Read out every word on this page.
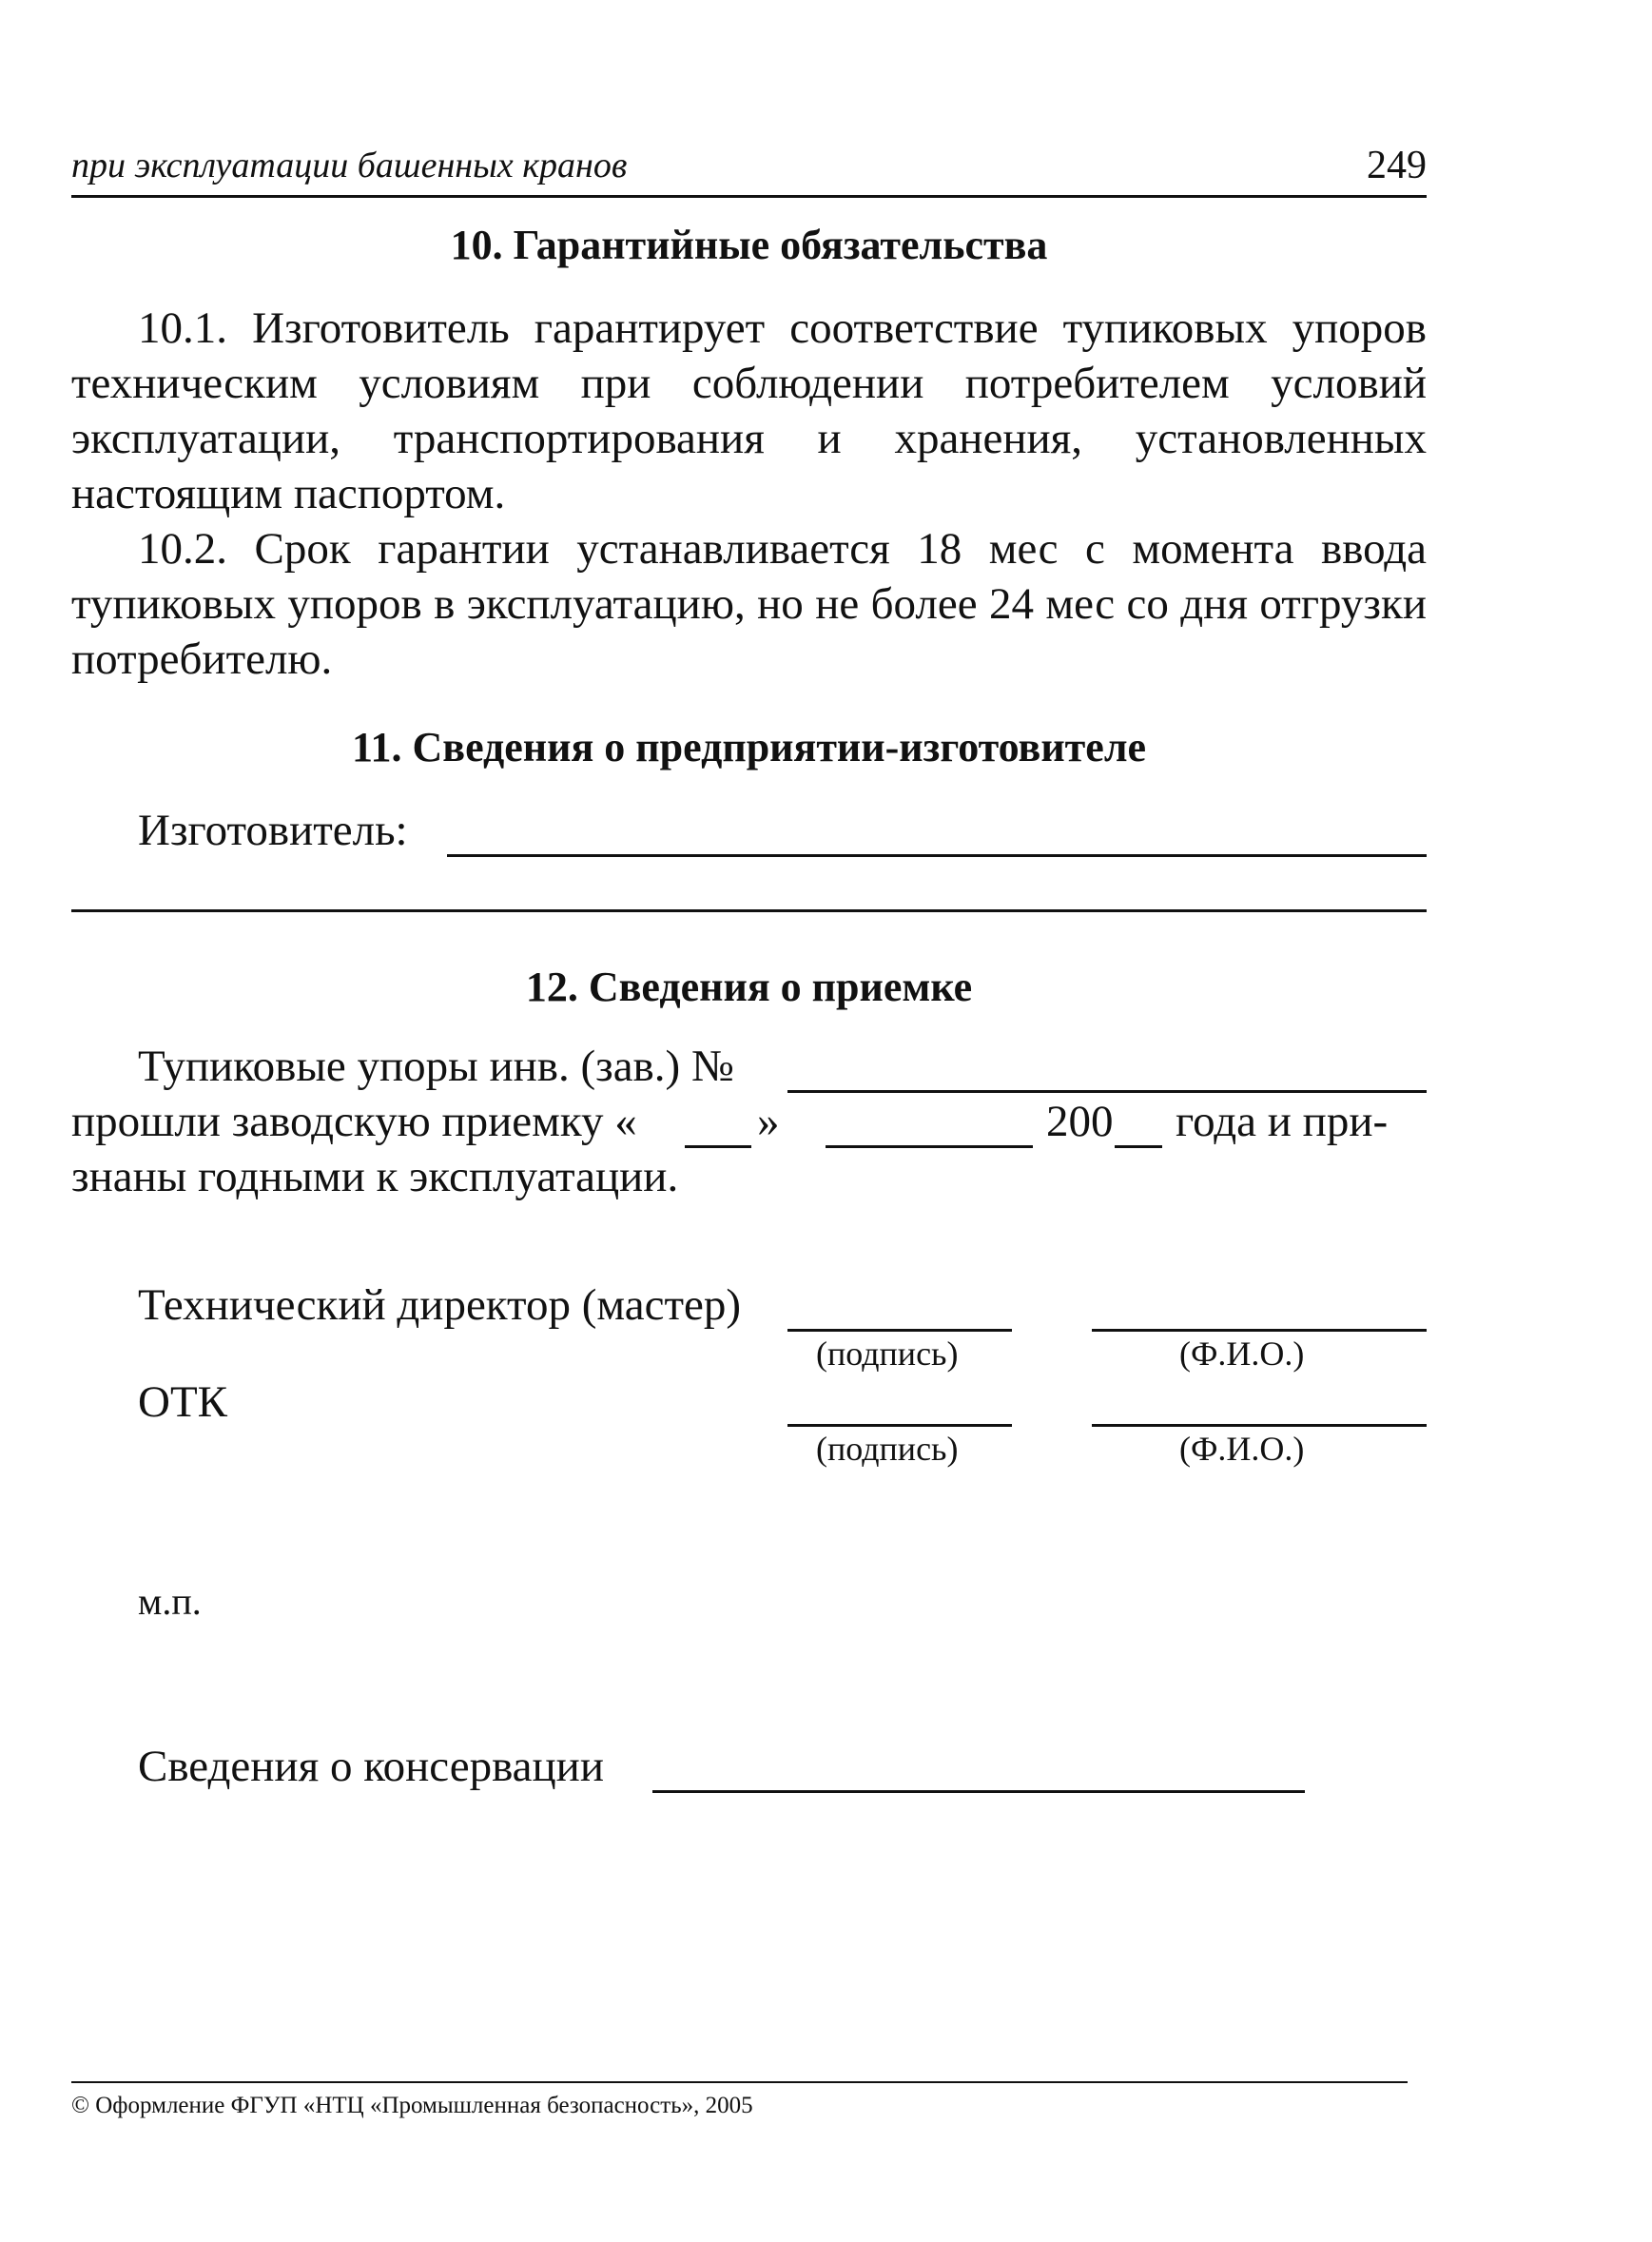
при эксплуатации башенных кранов	249
10. Гарантийные обязательства
10.1. Изготовитель гарантирует соответствие тупиковых упоров техническим условиям при соблюдении потребителем условий эксплуатации, транспортирования и хранения, установленных настоящим паспортом.
10.2. Срок гарантии устанавливается 18 мес с момента ввода тупиковых упоров в эксплуатацию, но не более 24 мес со дня отгрузки потребителю.
11. Сведения о предприятии-изготовителе
Изготовитель:
12. Сведения о приемке
Тупиковые упоры инв. (зав.) №
прошли заводскую приемку «	»	200 года и при-
знаны годными к эксплуатации.
Технический директор (мастер)
(подпись)	(Ф.И.О.)
ОТК
(подпись)	(Ф.И.О.)
м.п.
Сведения о консервации
© Оформление ФГУП «НТЦ «Промышленная безопасность», 2005
